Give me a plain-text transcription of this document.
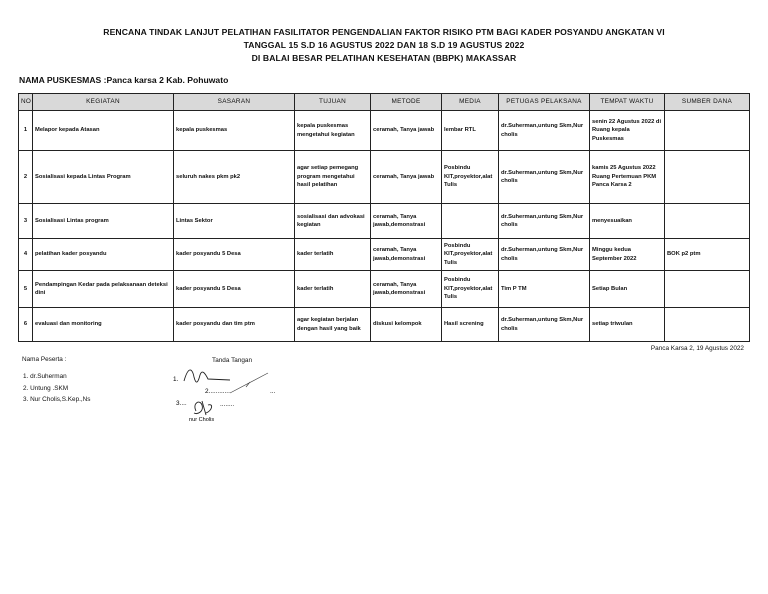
RENCANA TINDAK LANJUT PELATIHAN FASILITATOR PENGENDALIAN FAKTOR RISIKO PTM BAGI KADER POSYANDU ANGKATAN VI
TANGGAL 15 S.D 16 AGUSTUS 2022 DAN 18 S.D 19 AGUSTUS 2022
DI BALAI BESAR PELATIHAN KESEHATAN (BBPK) MAKASSAR
NAMA PUSKESMAS :Panca karsa 2 Kab. Pohuwato
NO	KEGIATAN	SASARAN	TUJUAN	METODE	MEDIA	PETUGAS PELAKSANA	TEMPAT WAKTU	SUMBER DANA
1	Melapor kepada Atasan	kepala puskesmas	kepala puskesmas mengetahui kegiatan	ceramah, Tanya jawab	lembar RTL	dr.Suherman,untung Skm,Nur cholis	senin 22 Agustus 2022 di Ruang kepala Puskesmas	
2	Sosialisasi kepada Lintas Program	seluruh nakes pkm pk2	agar setiap pemegang program mengetahui hasil pelatihan	ceramah, Tanya jawab	Posbindu KIT,proyektor,alat Tulis	dr.Suherman,untung Skm,Nur cholis	kamis 25 Agustus 2022 Ruang Pertemuan PKM Panca Karsa 2	
3	Sosialisasi Lintas program	Lintas Sektor	sosialisasi dan advokasi kegiatan	ceramah, Tanya jawab,demonstrasi		dr.Suherman,untung Skm,Nur cholis	menyesuaikan	
4	pelatihan kader posyandu	kader posyandu 5 Desa	kader terlatih	ceramah, Tanya jawab,demonstrasi	Posbindu KIT,proyektor,alat Tulis	dr.Suherman,untung Skm,Nur cholis	Minggu kedua September 2022	BOK p2 ptm
5	Pendampingan Kedar pada pelaksanaan deteksi dini	kader posyandu 5 Desa	kader terlatih	ceramah, Tanya jawab,demonstrasi	Posbindu KIT,proyektor,alat Tulis	Tim P TM	Setiap Bulan	
6	evaluasi dan monitoring	kader posyandu dan tim ptm	agar kegiatan berjalan dengan hasil yang baik	diskusi kelompok	Hasil screning	dr.Suherman,untung Skm,Nur cholis	setiap triwulan	
Panca Karsa 2, 19 Agustus 2022
Nama Peserta :	Tanda Tangan
1. dr.Suherman
2. Untung .SKM
3. Nur Cholis,S.Kep.,Ns
1.
2............	...
3....	........
nur Cholis
